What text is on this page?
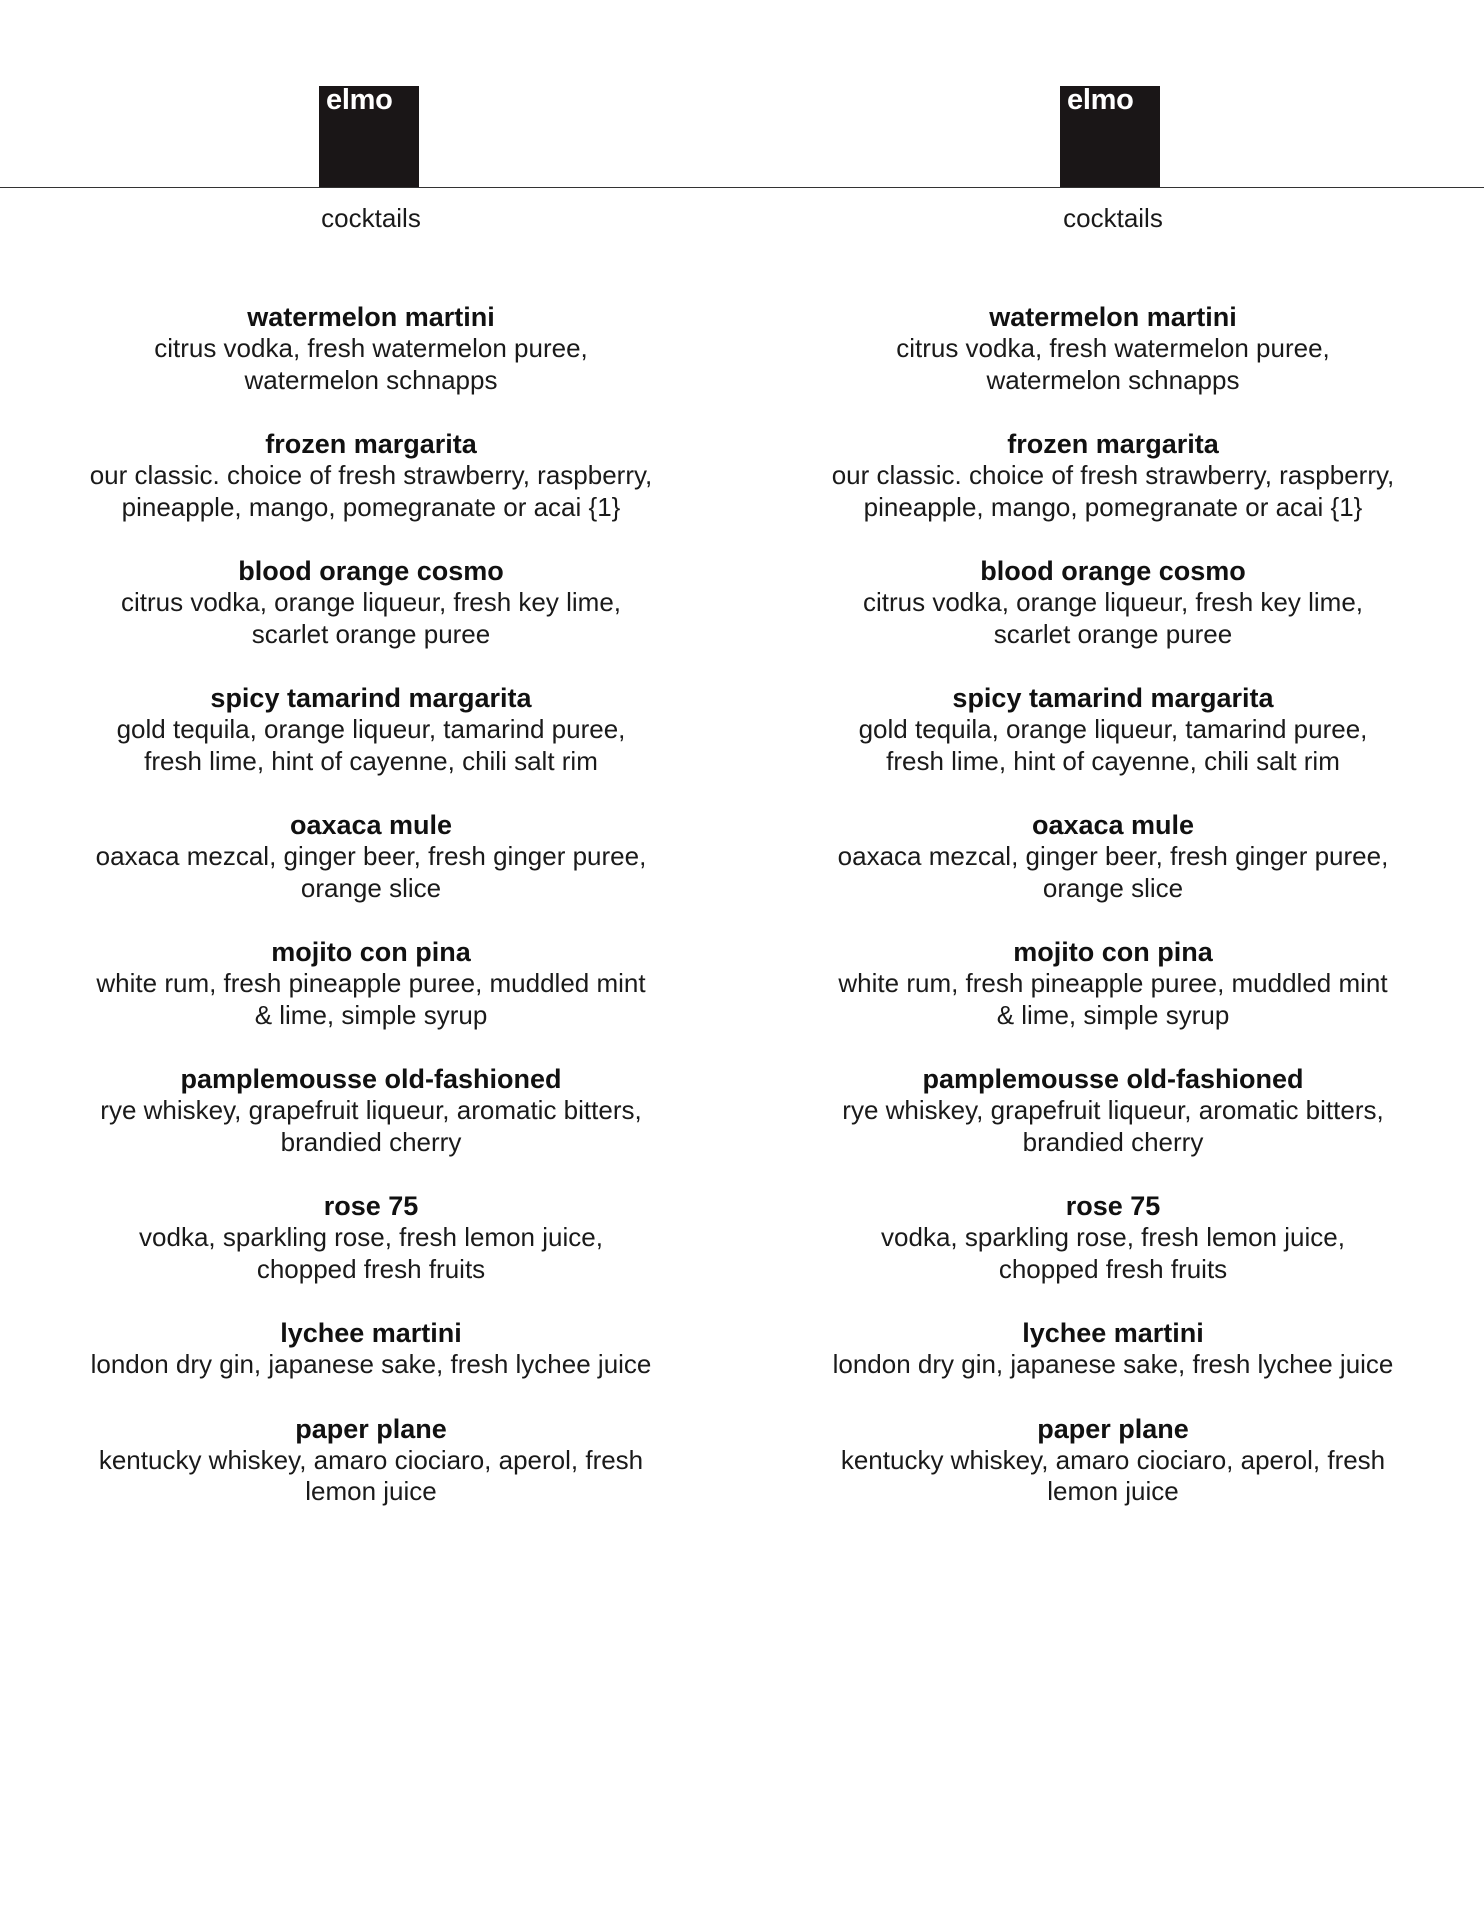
elmo
cocktails
watermelon martini
citrus vodka, fresh watermelon puree,
watermelon schnapps
frozen margarita
our classic. choice of fresh strawberry, raspberry,
pineapple, mango, pomegranate or acai {1}
blood orange cosmo
citrus vodka, orange liqueur, fresh key lime,
scarlet orange puree
spicy tamarind margarita
gold tequila, orange liqueur, tamarind puree,
fresh lime, hint of cayenne, chili salt rim
oaxaca mule
oaxaca mezcal, ginger beer, fresh ginger puree,
orange slice
mojito con pina
white rum, fresh pineapple puree, muddled mint
& lime, simple syrup
pamplemousse old-fashioned
rye whiskey, grapefruit liqueur, aromatic bitters,
brandied cherry
rose 75
vodka, sparkling rose, fresh lemon juice,
chopped fresh fruits
lychee martini
london dry gin, japanese sake, fresh lychee juice
paper plane
kentucky whiskey, amaro ciociaro, aperol, fresh
lemon juice
elmo
cocktails
watermelon martini
citrus vodka, fresh watermelon puree,
watermelon schnapps
frozen margarita
our classic. choice of fresh strawberry, raspberry,
pineapple, mango, pomegranate or acai {1}
blood orange cosmo
citrus vodka, orange liqueur, fresh key lime,
scarlet orange puree
spicy tamarind margarita
gold tequila, orange liqueur, tamarind puree,
fresh lime, hint of cayenne, chili salt rim
oaxaca mule
oaxaca mezcal, ginger beer, fresh ginger puree,
orange slice
mojito con pina
white rum, fresh pineapple puree, muddled mint
& lime, simple syrup
pamplemousse old-fashioned
rye whiskey, grapefruit liqueur, aromatic bitters,
brandied cherry
rose 75
vodka, sparkling rose, fresh lemon juice,
chopped fresh fruits
lychee martini
london dry gin, japanese sake, fresh lychee juice
paper plane
kentucky whiskey, amaro ciociaro, aperol, fresh
lemon juice
